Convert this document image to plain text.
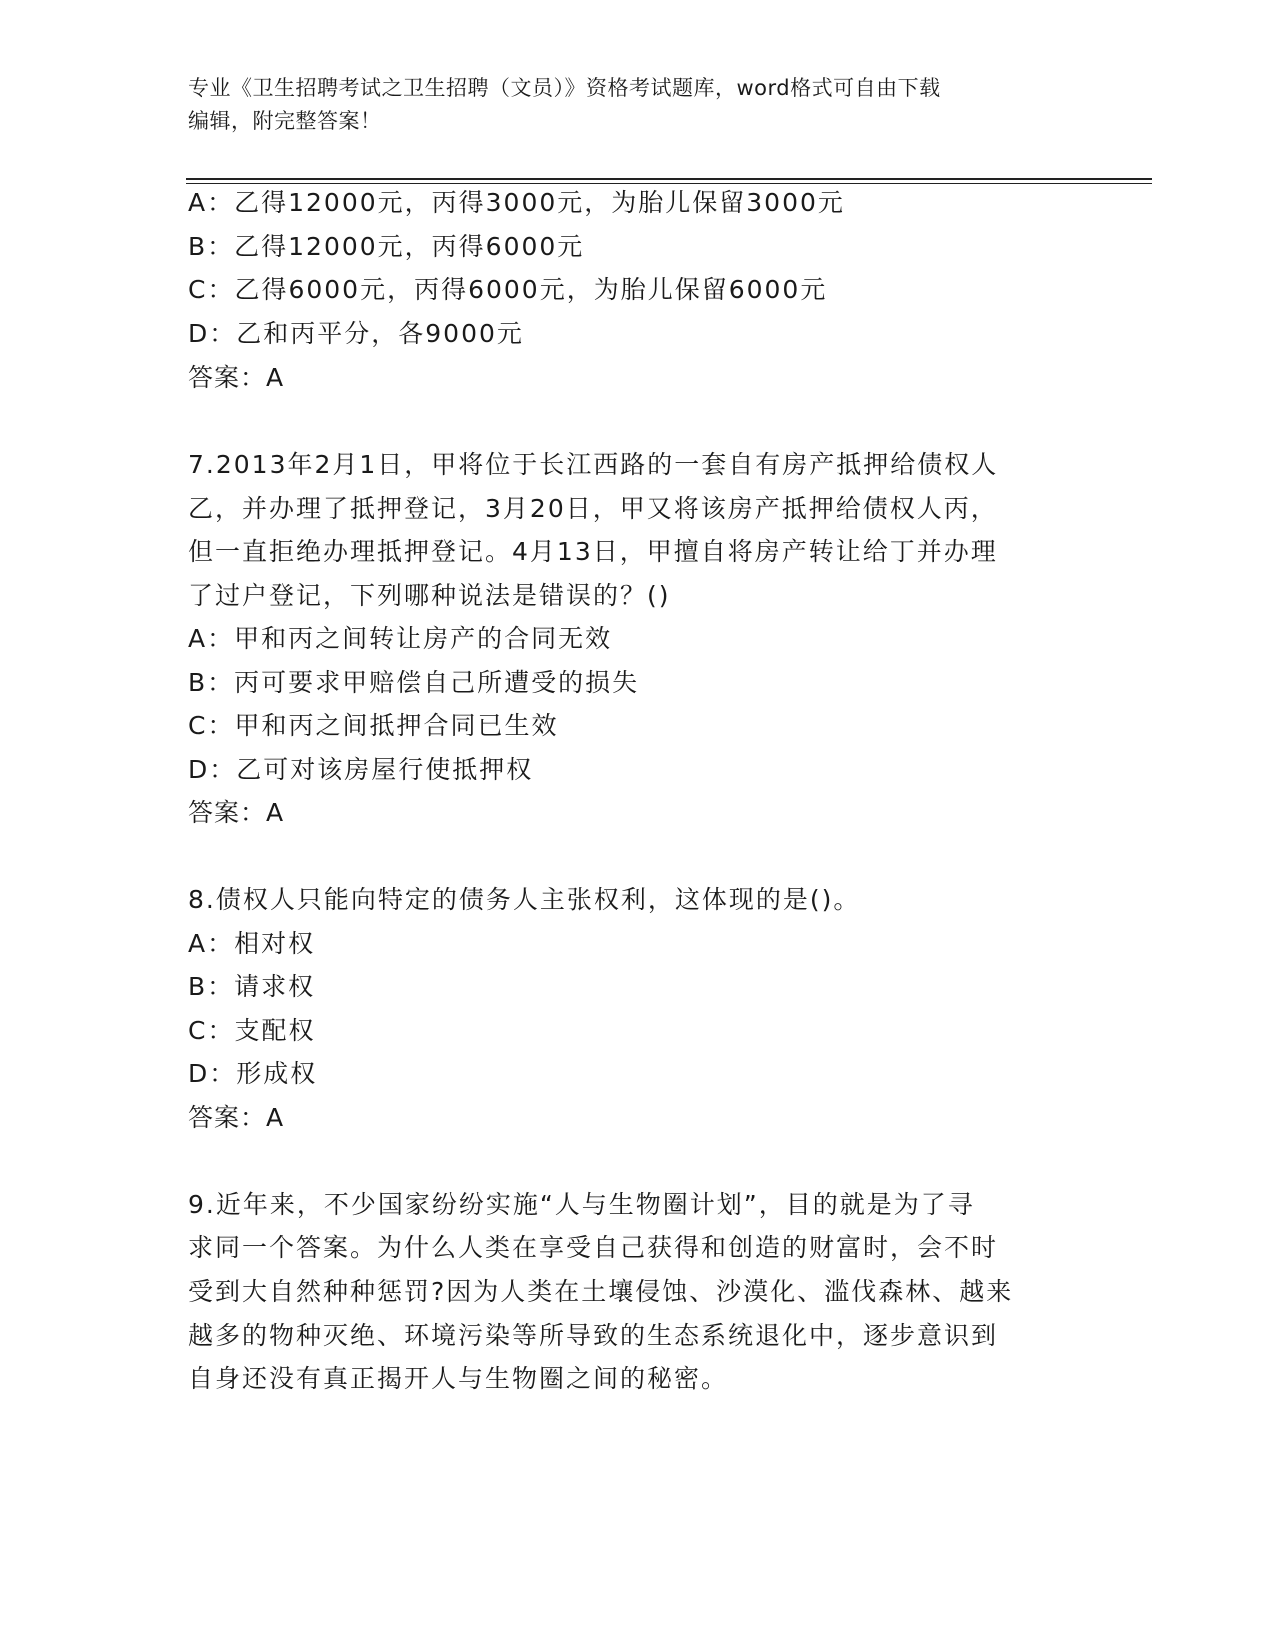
专业《卫生招聘考试之卫生招聘（文员）》资格考试题库，word格式可自由下载
编辑，附完整答案！
A：乙得12000元，丙得3000元，为胎儿保留3000元
B：乙得12000元，丙得6000元
C：乙得6000元，丙得6000元，为胎儿保留6000元
D：乙和丙平分，各9000元
答案：A
7.2013年2月1日，甲将位于长江西路的一套自有房产抵押给债权人
乙，并办理了抵押登记，3月20日，甲又将该房产抵押给债权人丙，
但一直拒绝办理抵押登记。4月13日，甲擅自将房产转让给丁并办理
了过户登记，下列哪种说法是错误的？()
A：甲和丙之间转让房产的合同无效
B：丙可要求甲赔偿自己所遭受的损失
C：甲和丙之间抵押合同已生效
D：乙可对该房屋行使抵押权
答案：A
8.债权人只能向特定的债务人主张权利，这体现的是()。
A：相对权
B：请求权
C：支配权
D：形成权
答案：A
9.近年来，不少国家纷纷实施“人与生物圈计划”，目的就是为了寻
求同一个答案。为什么人类在享受自己获得和创造的财富时，会不时
受到大自然种种惩罚?因为人类在土壤侵蚀、沙漠化、滥伐森林、越来
越多的物种灭绝、环境污染等所导致的生态系统退化中，逐步意识到
自身还没有真正揭开人与生物圈之间的秘密。
